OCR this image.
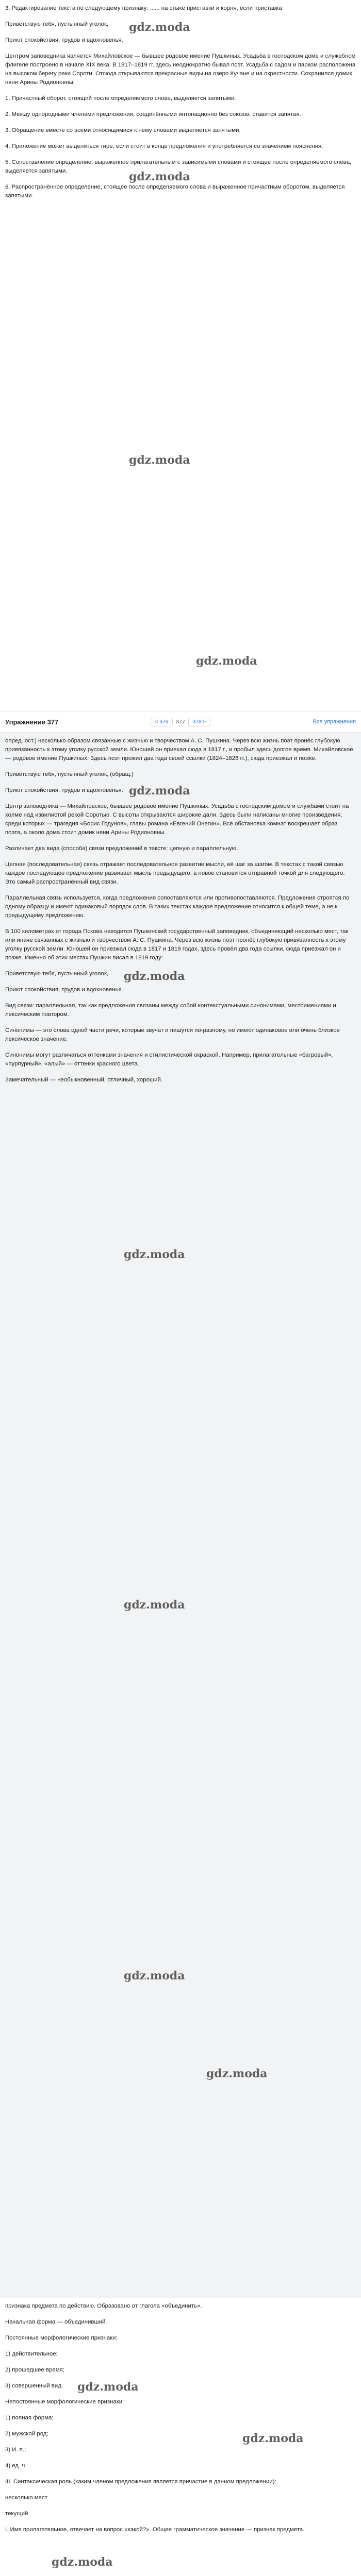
3. Редактирование текста по следующему признаку: ...... на стыке приставки и корня, если приставка

Приветствую тебя, пустынный уголок,

Приют спокойствия, трудов и вдохновенья.

Центром заповедника является Михайловское — бывшее родовое имение Пушкиных. Усадьба в господском доме и служебном флигеле построено в начале XIX века. В 1817–1819 гг. здесь неоднократно бывал поэт. Усадьба с садом и парком расположена на высоком берегу реки Сороти. Отсюда открываются прекрасные виды на озеро Кучане и на окрестности. Сохранился домик няни Арины Родионовны.

1. Причастный оборот, стоящий после определяемого слова, выделяется запятыми.

2. Между однородными членами предложения, соединёнными интонационно без союзов, ставится запятая.

3. Обращение вместе со всеми относящимися к нему словами выделяется запятыми.

4. Приложение может выделяться тире, если стоит в конце предложения и употребляется со значением пояснения.

5. Сопоставление определение, выраженное прилагательным с зависимыми словами и стоящее после определяемого слова, выделяется запятыми.

6. Распространённое определение, стоящее после определяемого слова и выраженное причастным оборотом, выделяется запятыми.

gdz.moda
gdz.moda
gdz.moda
gdz.moda
Упражнение 377	< 376	377	378 >	Все упражнения

опред. ост.) несколько образом связанные с жизнью и творчеством А. С. Пушкина. Через всю жизнь поэт пронёс глубокую привязанность к этому уголку русской земли. Юношей он приехал сюда в 1817 г., и пробыл здесь долгое время. Михайловское — родовое имение Пушкиных. Здесь поэт прожил два года своей ссылки (1824–1826 гг.), сюда приезжал и позже.

Приветствую тебя, пустынный уголок, (обращ.)

Приют спокойствия, трудов и вдохновенья.

Центр заповедника — Михайловское, бывшее родовое имение Пушкиных. Усадьба с господским домом и службами стоит на холме над извилистой рекой Соротью. С высоты открываются широкие дали. Здесь были написаны многие произведения, среди которых — трагедия «Борис Годунов», главы романа «Евгений Онегин». Всё обстановка комнат воскрешает образ поэта, а около дома стоит домик няни Арины Родионовны.

Различает два вида (способа) связи предложений в тексте: цепную и параллельную.

Цепная (последовательная) связь отражает последовательное развитие мысли, её шаг за шагом. В текстах с такой связью каждое последующее предложение развивает мысль предыдущего, а новое становится отправной точкой для следующего. Это самый распространённый вид связи.

Параллельная связь используется, когда предложения сопоставляются или противопоставляются. Предложения строятся по одному образцу и имеют одинаковый порядок слов. В таких текстах каждое предложение относится к общей теме, а не к предыдущему предложению.

В 100 километрах от города Пскова находится Пушкинский государственный заповедник, объединяющий несколько мест, так или иначе связанных с жизнью и творчеством А. С. Пушкина. Через всю жизнь поэт пронёс глубокую привязанность к этому уголку русской земли. Юношей он приезжал сюда в 1817 и 1819 годах, здесь провёл два года ссылки, сюда приезжал он и позже. Именно об этих местах Пушкин писал в 1819 году:

Приветствую тебя, пустынный уголок,

Приют спокойствия, трудов и вдохновенья.

Вид связи: параллельная, так как предложения связаны между собой контекстуальными синонимами, местоимениями и лексическим повтором.

Синонимы — это слова одной части речи, которые звучат и пишутся по-разному, но имеют одинаковое или очень близкое лексическое значение.

Синонимы могут различаться оттенками значения и стилистической окраской. Например, прилагательные «багровый», «пурпурный», «алый» — оттенки красного цвета.

Замечательный — необыкновенный, отличный, хороший.

gdz.moda
gdz.moda
gdz.moda
gdz.moda
gdz.moda
gdz.moda

признака предмета по действию. Образовано от глагола «объединить».

Начальная форма — объединивший.

Постоянные морфологические признаки:

1) действительное;

2) прошедшее время;

3) совершенный вид.

Непостоянные морфологические признаки:

1) полная форма;

2) мужской род;

3) И. п.;

4) ед. ч.

III. Синтаксическая роль (каким членом предложения является причастие в данном предложении):

несколько мест

текущий

I. Имя прилагательное, отвечает на вопрос «какой?». Общее грамматическое значение — признак предмета.

gdz.moda
gdz.moda
gdz.moda
